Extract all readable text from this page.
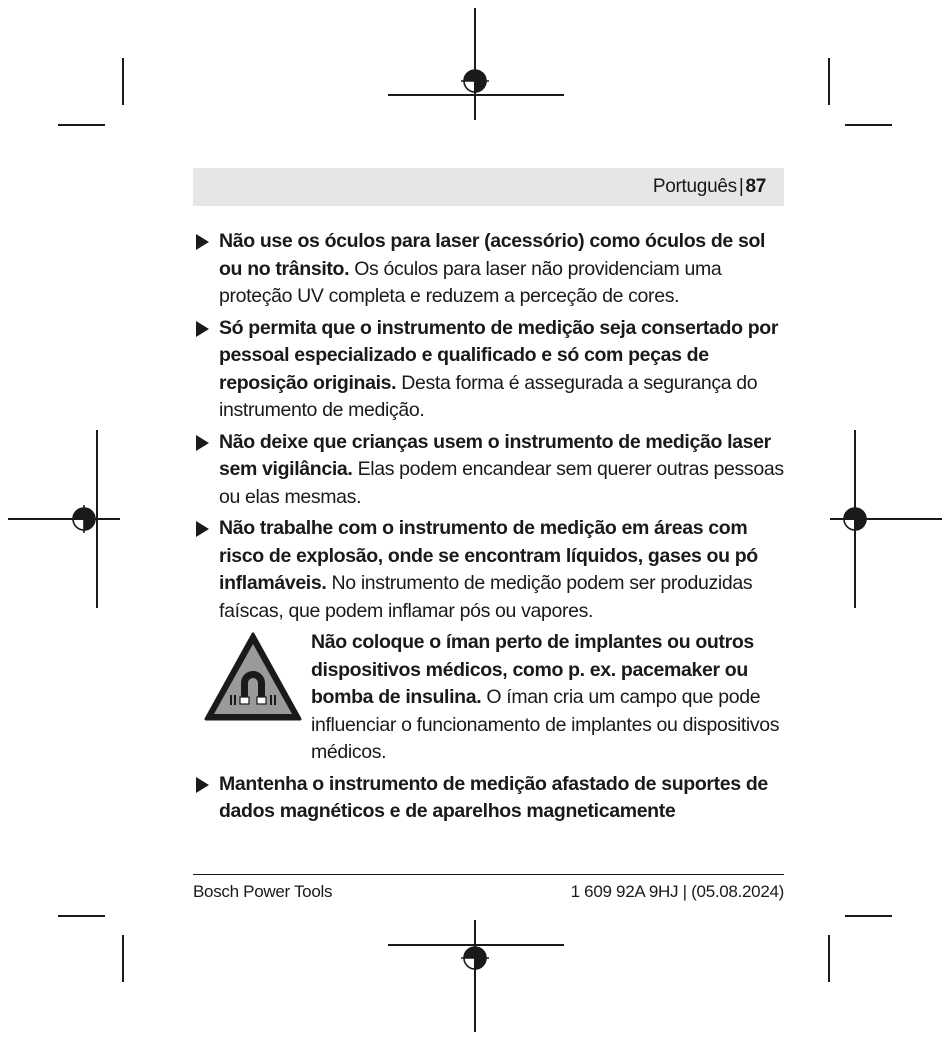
Português | 87
Não use os óculos para laser (acessório) como óculos de sol ou no trânsito. Os óculos para laser não providenciam uma proteção UV completa e reduzem a perceção de cores.
Só permita que o instrumento de medição seja consertado por pessoal especializado e qualificado e só com peças de reposição originais. Desta forma é assegurada a segurança do instrumento de medição.
Não deixe que crianças usem o instrumento de medição laser sem vigilância. Elas podem encandear sem querer outras pessoas ou elas mesmas.
Não trabalhe com o instrumento de medição em áreas com risco de explosão, onde se encontram líquidos, gases ou pó inflamáveis. No instrumento de medição podem ser produzidas faíscas, que podem inflamar pós ou vapores.
Não coloque o íman perto de implantes ou outros dispositivos médicos, como p. ex. pacemaker ou bomba de insulina. O íman cria um campo que pode influenciar o funcionamento de implantes ou dispositivos médicos.
Mantenha o instrumento de medição afastado de suportes de dados magnéticos e de aparelhos magneticamente
Bosch Power Tools	1 609 92A 9HJ | (05.08.2024)
